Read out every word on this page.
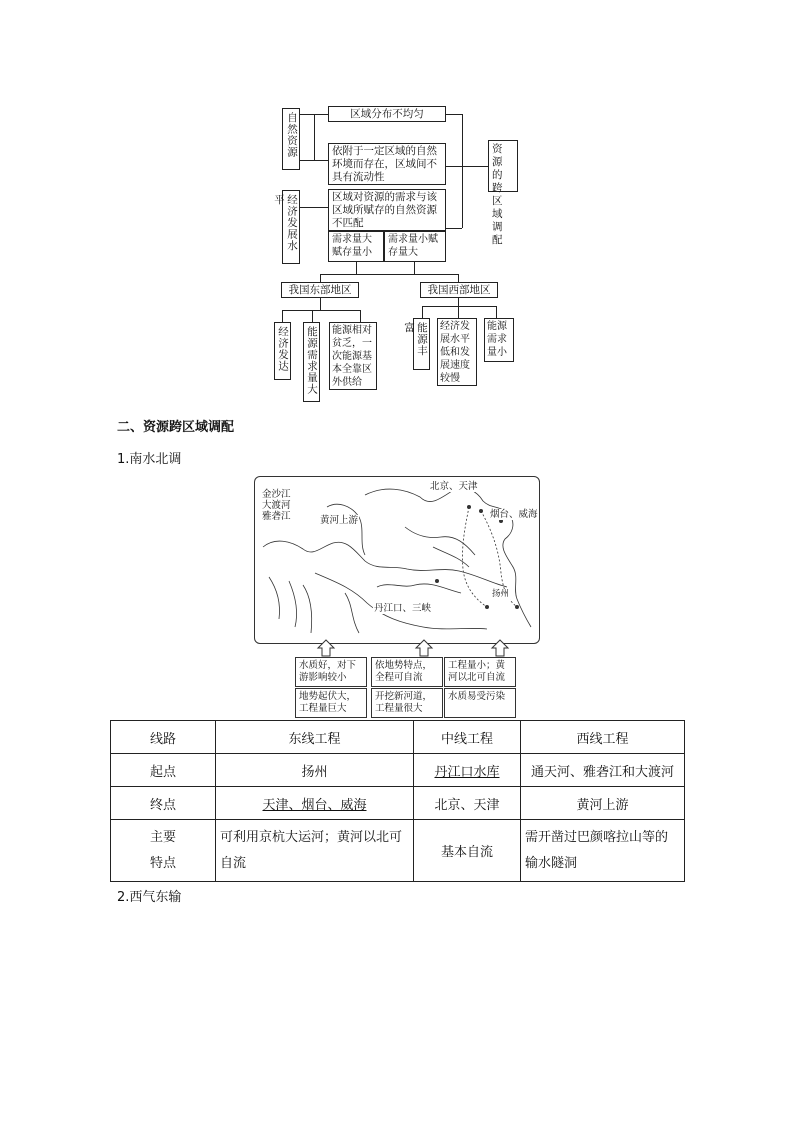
自然资源	区域分布不均匀
依附于一定区域的自然环境而存在，区域间不具有流动性
经济发展水平	区域对资源的需求与该区域所赋存的自然资源不匹配
需求量大赋存量小
需求量小赋存量大
资源的跨区域调配
我国东部地区	我国西部地区
经济发达 能源需求量大	能源相对贫乏，一次能源基本全靠区外供给
能源丰富	经济发展水平低和发展速度较慢
能源需求量小
二、资源跨区域调配
1.南水北调
金沙江
大渡河
雅砻江	黄河上游
北京、天津
烟台、威海
丹江口、三峡
扬州
水质好，对下游影响较小
地势起伏大，工程量巨大
依地势特点，全程可自流
开挖新河道，工程量很大
工程量小；黄河以北可自流
水质易受污染
线路	东线工程	中线工程	西线工程
起点	扬州	丹江口水库	通天河、雅砻江和大渡河
终点	天津、烟台、威海	北京、天津	黄河上游
主要特点	可利用京杭大运河；黄河以北可自流	基本自流	需开凿过巴颜喀拉山等的输水隧洞
2.西气东输
